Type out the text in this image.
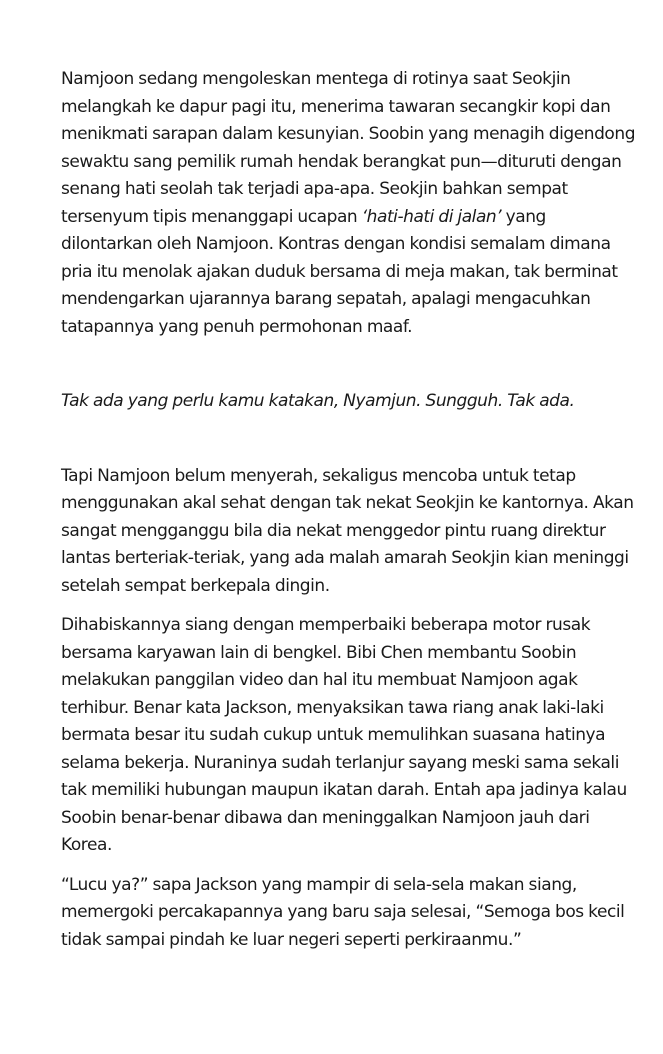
Namjoon sedang mengoleskan mentega di rotinya saat Seokjin melangkah ke dapur pagi itu, menerima tawaran secangkir kopi dan menikmati sarapan dalam kesunyian. Soobin yang menagih digendong sewaktu sang pemilik rumah hendak berangkat pun—dituruti dengan senang hati seolah tak terjadi apa-apa. Seokjin bahkan sempat tersenyum tipis menanggapi ucapan ‘hati-hati di jalan’ yang dilontarkan oleh Namjoon. Kontras dengan kondisi semalam dimana pria itu menolak ajakan duduk bersama di meja makan, tak berminat mendengarkan ujarannya barang sepatah, apalagi mengacuhkan tatapannya yang penuh permohonan maaf.

Tak ada yang perlu kamu katakan, Nyamjun. Sungguh. Tak ada.

Tapi Namjoon belum menyerah, sekaligus mencoba untuk tetap menggunakan akal sehat dengan tak nekat Seokjin ke kantornya. Akan sangat mengganggu bila dia nekat menggedor pintu ruang direktur lantas berteriak-teriak, yang ada malah amarah Seokjin kian meninggi setelah sempat berkepala dingin.

Dihabiskannya siang dengan memperbaiki beberapa motor rusak bersama karyawan lain di bengkel. Bibi Chen membantu Soobin melakukan panggilan video dan hal itu membuat Namjoon agak terhibur. Benar kata Jackson, menyaksikan tawa riang anak laki-laki bermata besar itu sudah cukup untuk memulihkan suasana hatinya selama bekerja. Nuraninya sudah terlanjur sayang meski sama sekali tak memiliki hubungan maupun ikatan darah. Entah apa jadinya kalau Soobin benar-benar dibawa dan meninggalkan Namjoon jauh dari Korea.

“Lucu ya?” sapa Jackson yang mampir di sela-sela makan siang, memergoki percakapannya yang baru saja selesai, “Semoga bos kecil tidak sampai pindah ke luar negeri seperti perkiraanmu.”
